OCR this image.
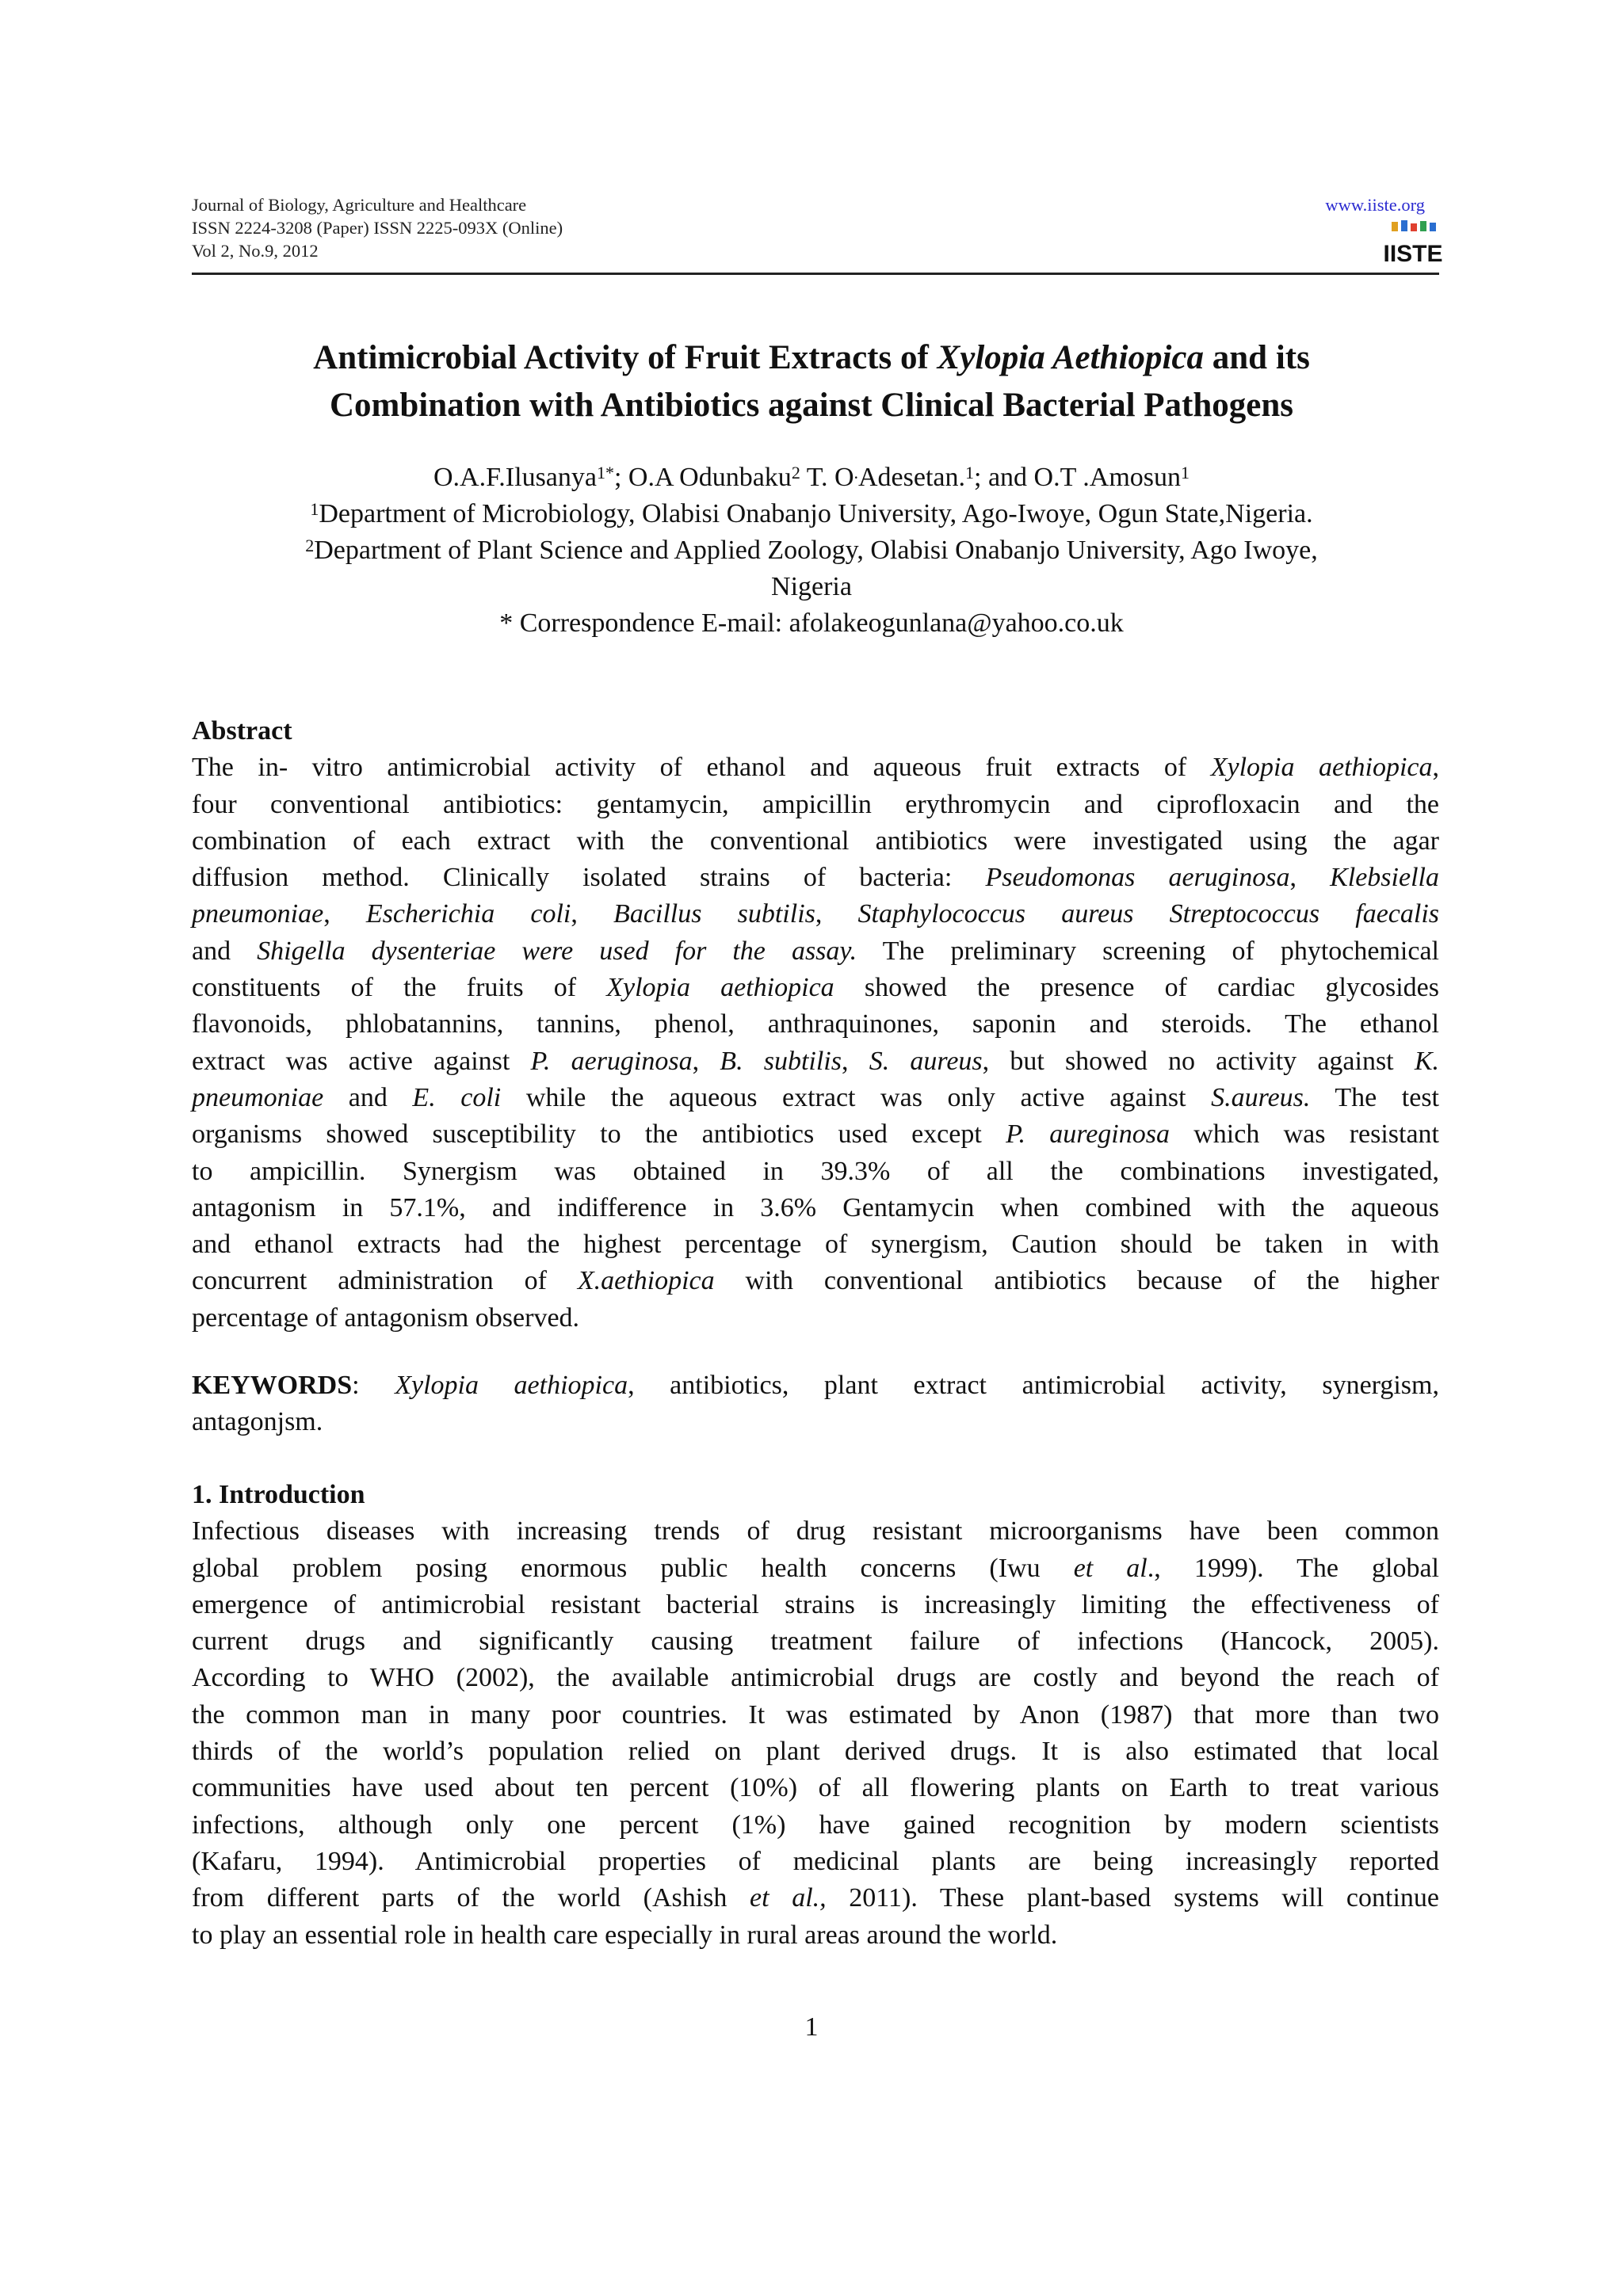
Journal of Biology, Agriculture and Healthcare
ISSN 2224-3208 (Paper) ISSN 2225-093X (Online)
Vol 2, No.9, 2012
www.iiste.org
IISTE
Antimicrobial Activity of Fruit Extracts of Xylopia Aethiopica and its
Combination with Antibiotics against Clinical Bacterial Pathogens
O.A.F.Ilusanya$^{1*}$; O.A Odunbaku$^2$ T. O.Adesetan.$^1$; and O.T .Amosun$^1$
$^1$Department of Microbiology, Olabisi Onabanjo University, Ago-Iwoye, Ogun State,Nigeria.
$^2$Department of Plant Science and Applied Zoology, Olabisi Onabanjo University, Ago Iwoye,
Nigeria
* Correspondence E-mail: afolakeogunlana@yahoo.co.uk
Abstract
The in- vitro antimicrobial activity of ethanol and aqueous fruit extracts of Xylopia aethiopica,
four conventional antibiotics: gentamycin, ampicillin erythromycin and ciprofloxacin and the
combination of each extract with the conventional antibiotics were investigated using the agar
diffusion method. Clinically isolated strains of bacteria: Pseudomonas aeruginosa, Klebsiella
pneumoniae, Escherichia coli, Bacillus subtilis, Staphylococcus aureus Streptococcus faecalis
and Shigella dysenteriae were used for the assay. The preliminary screening of phytochemical
constituents of the fruits of Xylopia aethiopica showed the presence of cardiac glycosides
flavonoids, phlobatannins, tannins, phenol, anthraquinones, saponin and steroids. The ethanol
extract was active against P. aeruginosa, B. subtilis, S. aureus, but showed no activity against K.
pneumoniae and E. coli while the aqueous extract was only active against S.aureus. The test
organisms showed susceptibility to the antibiotics used except P. aureginosa which was resistant
to ampicillin. Synergism was obtained in 39.3% of all the combinations investigated,
antagonism in 57.1%, and indifference in 3.6% Gentamycin when combined with the aqueous
and ethanol extracts had the highest percentage of synergism, Caution should be taken in with
concurrent administration of X.aethiopica with conventional antibiotics because of the higher
percentage of antagonism observed.
KEYWORDS: Xylopia aethiopica, antibiotics, plant extract antimicrobial activity, synergism,
antagonjsm.
1. Introduction
Infectious diseases with increasing trends of drug resistant microorganisms have been common
global problem posing enormous public health concerns (Iwu et al., 1999). The global
emergence of antimicrobial resistant bacterial strains is increasingly limiting the effectiveness of
current drugs and significantly causing treatment failure of infections (Hancock, 2005).
According to WHO (2002), the available antimicrobial drugs are costly and beyond the reach of
the common man in many poor countries. It was estimated by Anon (1987) that more than two
thirds of the world’s population relied on plant derived drugs. It is also estimated that local
communities have used about ten percent (10%) of all flowering plants on Earth to treat various
infections, although only one percent (1%) have gained recognition by modern scientists
(Kafaru, 1994). Antimicrobial properties of medicinal plants are being increasingly reported
from different parts of the world (Ashish et al., 2011). These plant-based systems will continue
to play an essential role in health care especially in rural areas around the world.
1
